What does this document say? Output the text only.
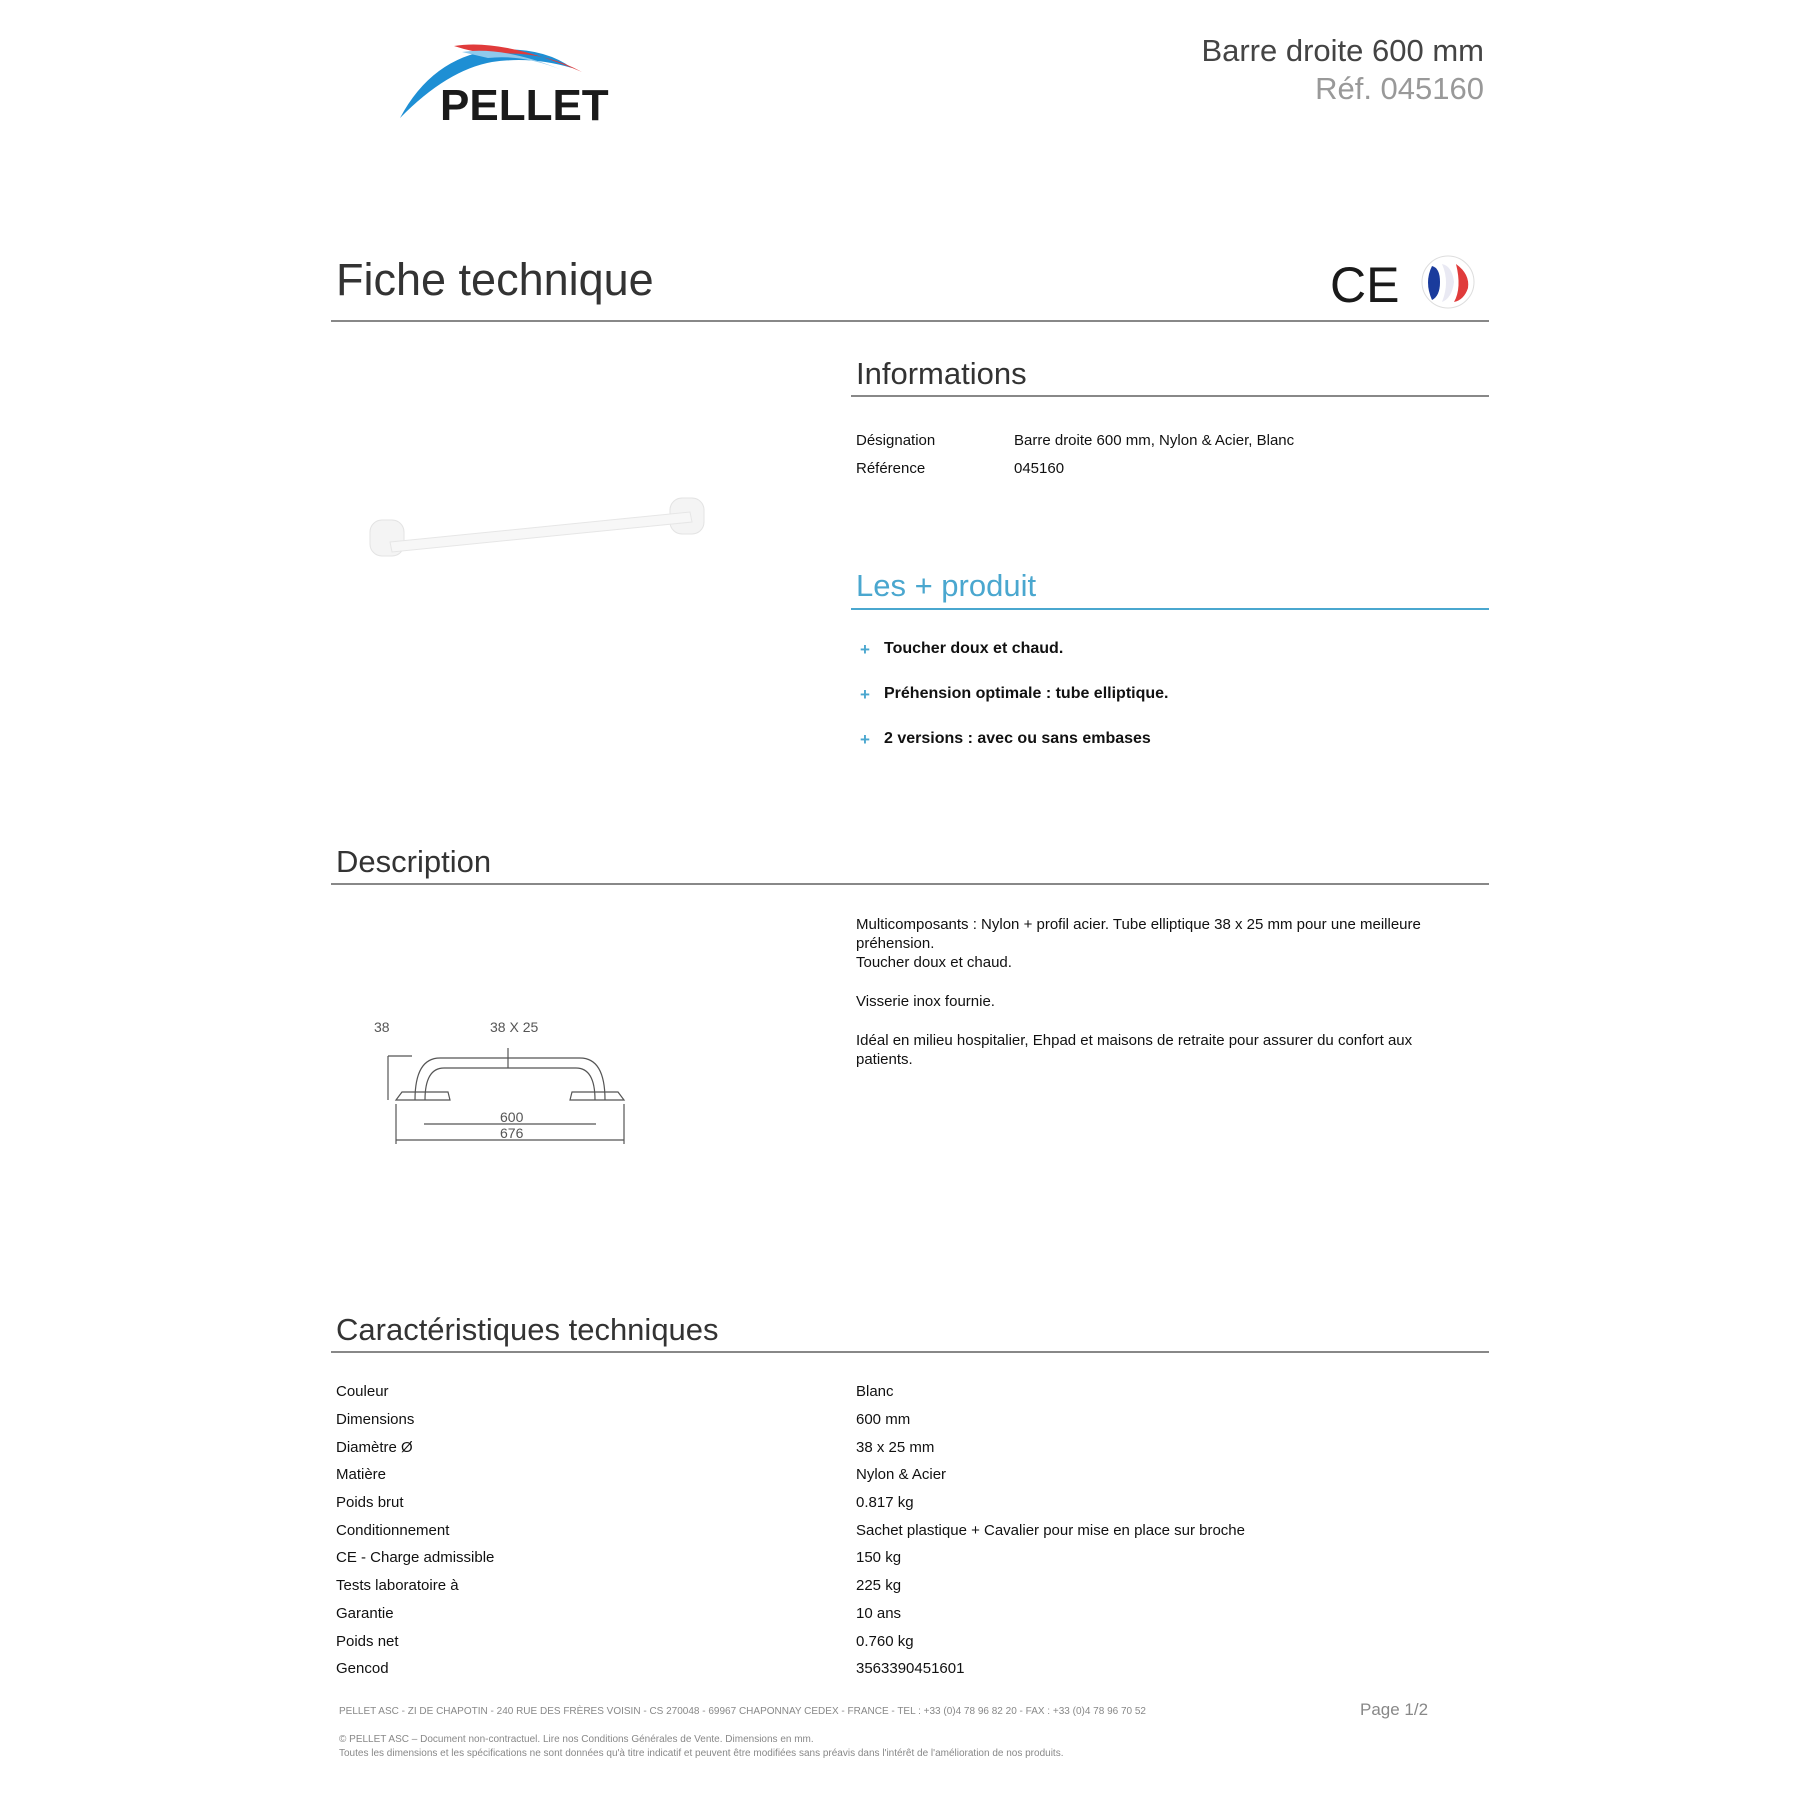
PELLET
Barre droite 600 mm
Réf. 045160
Fiche technique	CE
Informations
Désignation	Barre droite 600 mm, Nylon & Acier, Blanc
Référence	045160
Les + produit
+ Toucher doux et chaud.
+ Préhension optimale : tube elliptique.
+ 2 versions : avec ou sans embases
Description
38	38 X 25
600
676

Multicomposants : Nylon + profil acier. Tube elliptique 38 x 25 mm pour une meilleure préhension.

Toucher doux et chaud.

Visserie inox fournie.

Idéal en milieu hospitalier, Ehpad et maisons de retraite pour assurer du confort aux patients.

Caractéristiques techniques
Couleur	Blanc
Dimensions	600 mm
Diamètre Ø	38 x 25 mm
Matière	Nylon & Acier
Poids brut	0.817 kg
Conditionnement	Sachet plastique + Cavalier pour mise en place sur broche
CE - Charge admissible	150 kg
Tests laboratoire à	225 kg
Garantie	10 ans
Poids net	0.760 kg
Gencod	3563390451601
PELLET ASC - ZI DE CHAPOTIN - 240 RUE DES FRÈRES VOISIN - CS 270048 - 69967 CHAPONNAY CEDEX - FRANCE - TEL : +33 (0)4 78 96 82 20 - FAX : +33 (0)4 78 96 70 52	Page 1/2
© PELLET ASC – Document non-contractuel. Lire nos Conditions Générales de Vente. Dimensions en mm.
Toutes les dimensions et les spécifications ne sont données qu'à titre indicatif et peuvent être modifiées sans préavis dans l'intérêt de l'amélioration de nos produits.
